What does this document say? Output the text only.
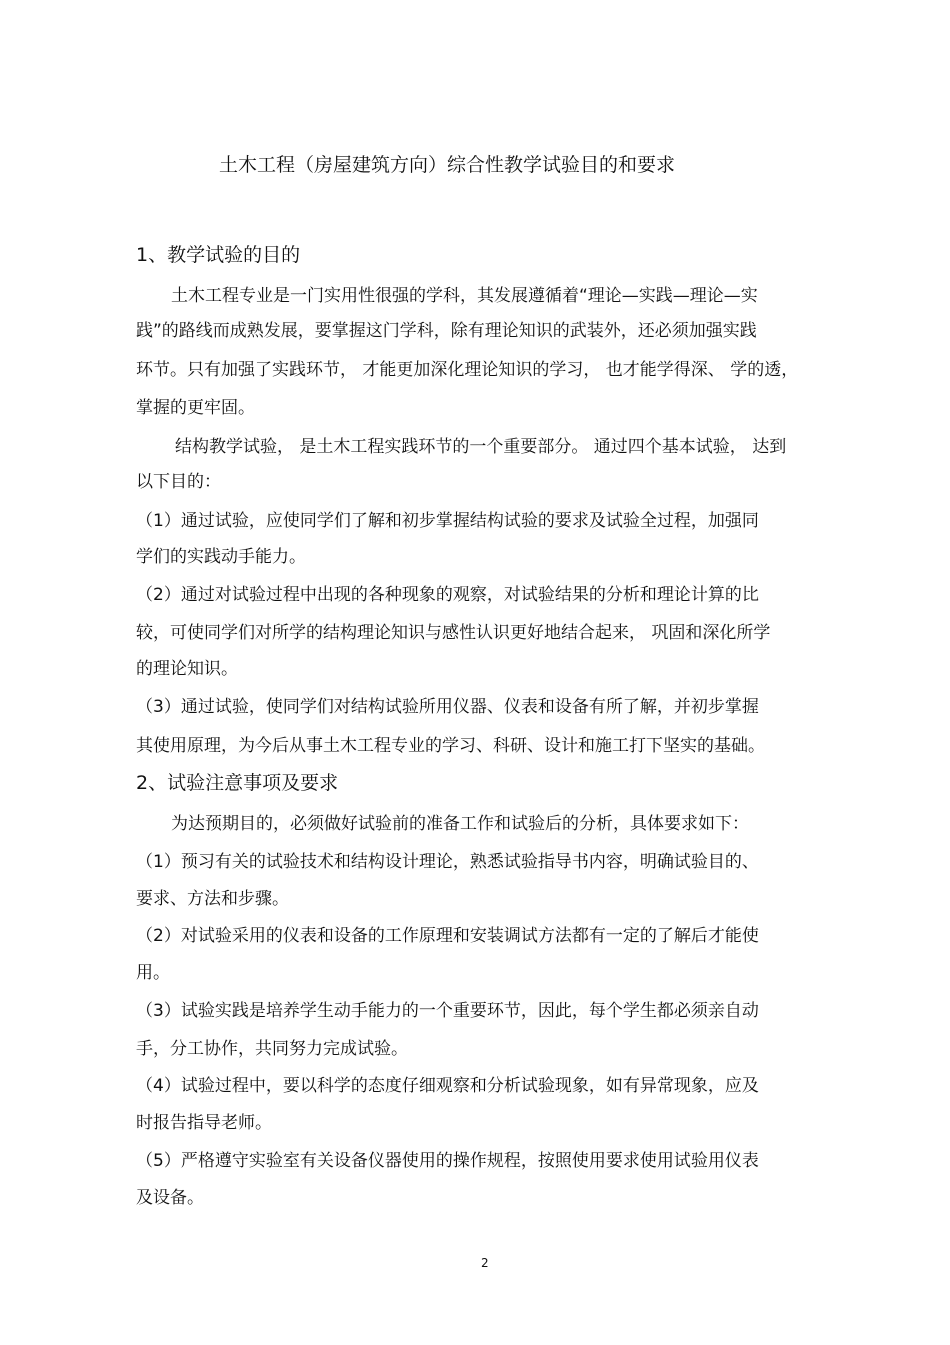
土木工程（房屋建筑方向）综合性教学试验目的和要求
1、教学试验的目的
土木工程专业是一门实用性很强的学科，其发展遵循着“理论—实践—理论—实
践”的路线而成熟发展，要掌握这门学科，除有理论知识的武装外，还必须加强实践
环节。只有加强了实践环节， 才能更加深化理论知识的学习， 也才能学得深、 学的透，
掌握的更牢固。
结构教学试验， 是土木工程实践环节的一个重要部分。 通过四个基本试验， 达到
以下目的：
（1）通过试验，应使同学们了解和初步掌握结构试验的要求及试验全过程，加强同
学们的实践动手能力。
（2）通过对试验过程中出现的各种现象的观察，对试验结果的分析和理论计算的比
较，可使同学们对所学的结构理论知识与感性认识更好地结合起来， 巩固和深化所学
的理论知识。
（3）通过试验，使同学们对结构试验所用仪器、仪表和设备有所了解，并初步掌握
其使用原理，为今后从事土木工程专业的学习、科研、设计和施工打下坚实的基础。
2、试验注意事项及要求
为达预期目的，必须做好试验前的准备工作和试验后的分析，具体要求如下：
（1）预习有关的试验技术和结构设计理论，熟悉试验指导书内容，明确试验目的、
要求、方法和步骤。
（2）对试验采用的仪表和设备的工作原理和安装调试方法都有一定的了解后才能使
用。
（3）试验实践是培养学生动手能力的一个重要环节，因此，每个学生都必须亲自动
手，分工协作，共同努力完成试验。
（4）试验过程中，要以科学的态度仔细观察和分析试验现象，如有异常现象，应及
时报告指导老师。
（5）严格遵守实验室有关设备仪器使用的操作规程，按照使用要求使用试验用仪表
及设备。
2
